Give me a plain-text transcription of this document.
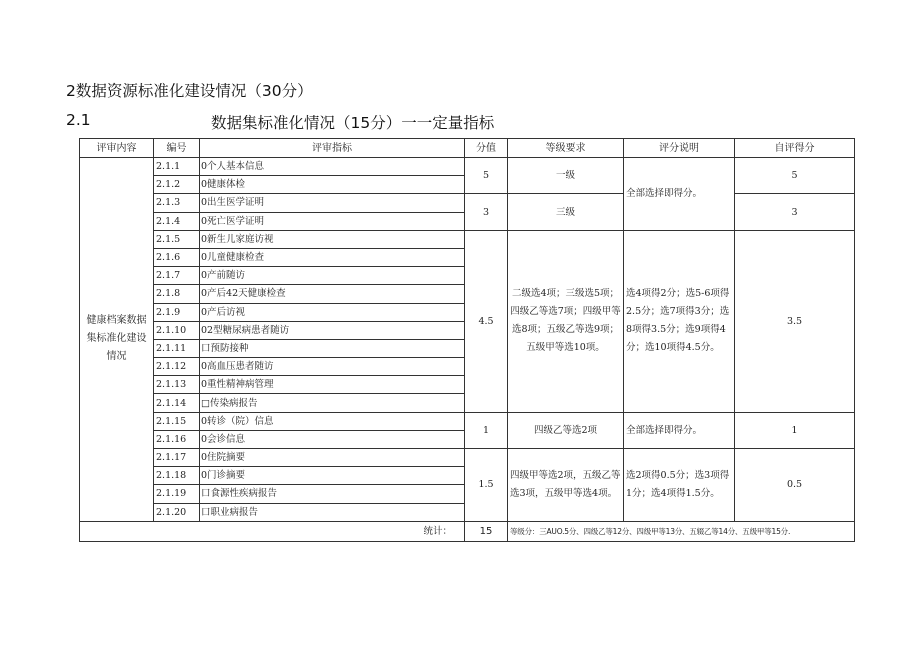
2数据资源标准化建设情况（30分）
2.1	数据集标准化情况（15分）一一定量指标
评审内容	编号	评审指标	分值	等级要求	评分说明	自评得分
健康档案数据集标准化建设情况	2.1.1	0个人基本信息	5	一级	全部选择即得分。	5
	2.1.2	0健康体检				
	2.1.3	0出生医学证明	3	三级		3
	2.1.4	0死亡医学证明				
	2.1.5	0新生儿家庭访视	4.5	二级选4项；三级选5项；四级乙等选7项；四级甲等选8项；五级乙等选9项；五级甲等选10项。	选4项得2分；选5-6项得2.5分；选7项得3分；选8项得3.5分；选9项得4分；选10项得4.5分。	3.5
	2.1.6	0儿童健康检查				
	2.1.7	0产前随访				
	2.1.8	0产后42天健康检查				
	2.1.9	0产后访视				
	2.1.10	02型糖尿病患者随访				
	2.1.11	口预防接种				
	2.1.12	0高血压患者随访				
	2.1.13	0重性精神病管理				
	2.1.14	□传染病报告				
	2.1.15	0转诊（院）信息	1	四级乙等选2项	全部选择即得分。	1
	2.1.16	0会诊信息				
	2.1.17	0住院摘要	1.5	四级甲等选2项，五级乙等选3项，五级甲等选4项。	选2项得0.5分；选3项得1分；选4项得1.5分。	0.5
	2.1.18	0门诊摘要				
	2.1.19	口食源性疾病报告				
	2.1.20	口职业病报告				
统计：			15	等级分：三AUO.5分、四级乙等12分、四级甲等13分、五辍乙等14分、五级甲等15分.		
